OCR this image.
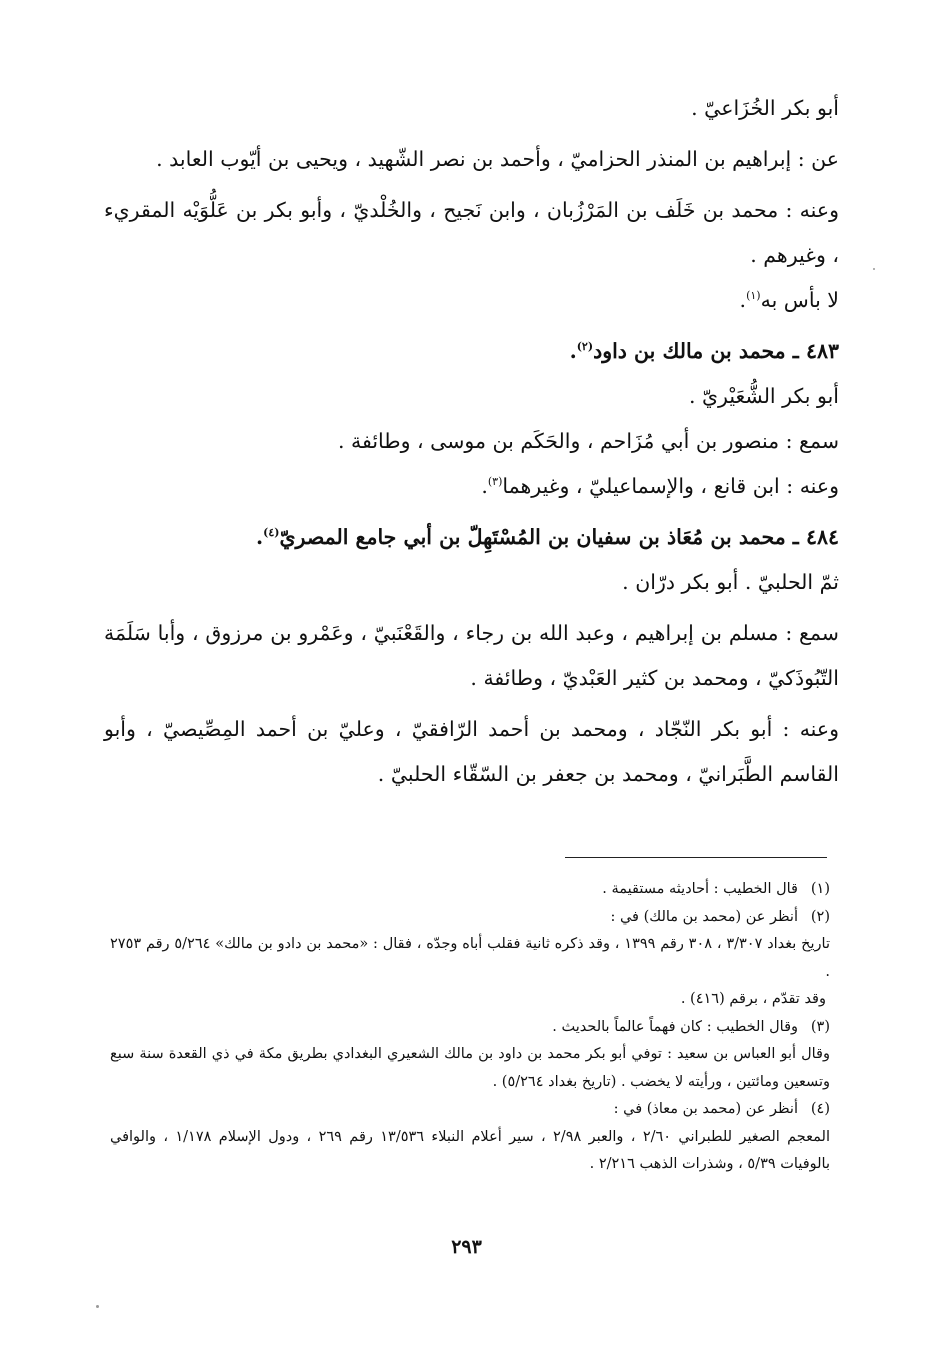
أبو بكر الخُزَاعيّ .

عن : إبراهيم بن المنذر الحزاميّ ، وأحمد بن نصر الشّهيد ، ويحيى بن أيّوب العابد .

وعنه : محمد بن خَلَف بن المَرْزُبان ، وابن نَجيح ، والخُلْديّ ، وأبو بكر بن عَلُّوَيْه المقريء ، وغيرهم .

لا بأس به$^{(١)}$.

٤٨٣ ـ محمد بن مالك بن داود$^{(٢)}$.

أبو بكر الشُّعَيْريّ .

سمع : منصور بن أبي مُزَاحم ، والحَكَم بن موسى ، وطائفة .

وعنه : ابن قانع ، والإسماعيليّ ، وغيرهما$^{(٣)}$.

٤٨٤ ـ محمد بن مُعَاذ بن سفيان بن المُسْتَهِلّ بن أبي جامع المصريّ$^{(٤)}$.

ثمّ الحلبيّ . أبو بكر درّان .

سمع : مسلم بن إبراهيم ، وعبد الله بن رجاء ، والقَعْنَبيّ ، وعَمْرو بن مرزوق ، وأبا سَلَمَة التّبُوذَكيّ ، ومحمد بن كثير العَبْديّ ، وطائفة .

وعنه : أبو بكر النّجّاد ، ومحمد بن أحمد الرّافقيّ ، وعليّ بن أحمد المِصِّيصيّ ، وأبو القاسم الطَّبَرانيّ ، ومحمد بن جعفر بن السّقّاء الحلبيّ .

(١)
قال الخطيب : أحاديثه مستقيمة .
(٢)
أنظر عن (محمد بن مالك) في :

تاريخ بغداد ٣/٣٠٧ ، ٣٠٨ رقم ١٣٩٩ ، وقد ذكره ثانية فقلب أباه وجدّه ، فقال : «محمد بن دادو بن مالك» ٥/٢٦٤ رقم ٢٧٥٣ .

وقد تقدّم ، برقم (٤١٦) .

(٣)
وقال الخطيب : كان فهماً عالماً بالحديث .

وقال أبو العباس بن سعيد : توفي أبو بكر محمد بن داود بن مالك الشعيري البغدادي بطريق مكة في ذي القعدة سنة سبع وتسعين ومائتين ، ورأيته لا يخضب . (تاريخ بغداد ٥/٢٦٤) .

(٤)
أنظر عن (محمد بن معاذ) في :

المعجم الصغير للطبراني ٢/٦٠ ، والعبر ٢/٩٨ ، سير أعلام النبلاء ١٣/٥٣٦ رقم ٢٦٩ ، ودول الإسلام ١/١٧٨ ، والوافي بالوفيات ٥/٣٩ ، وشذرات الذهب ٢/٢١٦ .

٢٩٣
